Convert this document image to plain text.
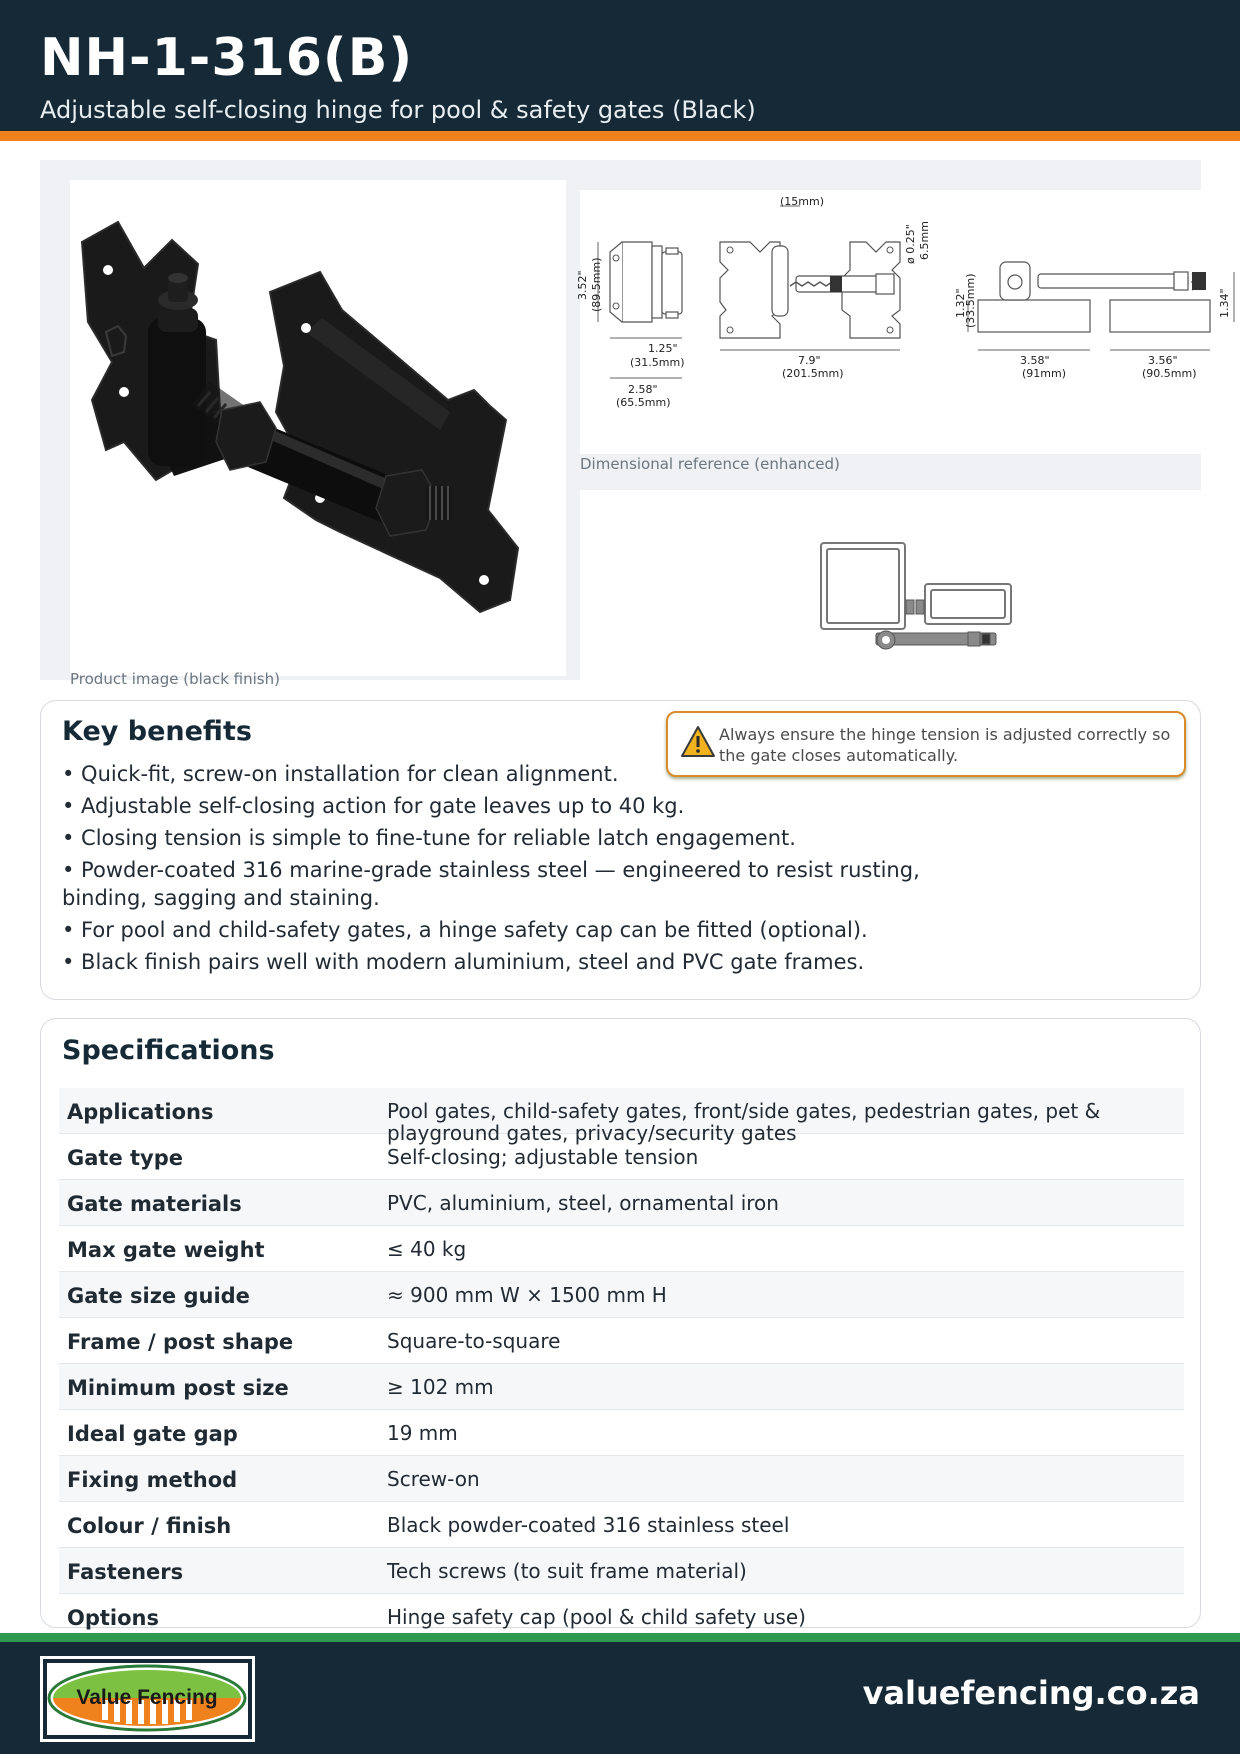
NH-1-316(B)
Adjustable self-closing hinge for pool & safety gates (Black)
Product image (black finish)
(15mm)
3.52" (89.5mm)
1.25"
(31.5mm)
2.58"
(65.5mm)
7.9"
(201.5mm)
ø 0.25" 6.5mm
1.32"
(33.5mm)
3.58"
(91mm)
3.56"
(90.5mm)
1.34"
Dimensional reference (enhanced)
Key benefits
• Quick-fit, screw-on installation for clean alignment.
• Adjustable self-closing action for gate leaves up to 40 kg.
• Closing tension is simple to fine-tune for reliable latch engagement.
• Powder-coated 316 marine-grade stainless steel — engineered to resist rusting,
binding, sagging and staining.
• For pool and child-safety gates, a hinge safety cap can be fitted (optional).
• Black finish pairs well with modern aluminium, steel and PVC gate frames.
Always ensure the hinge tension is adjusted correctly so the gate closes automatically.
Specifications
Applications	Pool gates, child-safety gates, front/side gates, pedestrian gates, pet & playground gates, privacy/security gates
Gate type	Self-closing; adjustable tension
Gate materials	PVC, aluminium, steel, ornamental iron
Max gate weight	≤ 40 kg
Gate size guide	≈ 900 mm W × 1500 mm H
Frame / post shape	Square-to-square
Minimum post size	≥ 102 mm
Ideal gate gap	19 mm
Fixing method	Screw-on
Colour / finish	Black powder-coated 316 stainless steel
Fasteners	Tech screws (to suit frame material)
Options	Hinge safety cap (pool & child safety use)
Value Fencing	valuefencing.co.za
